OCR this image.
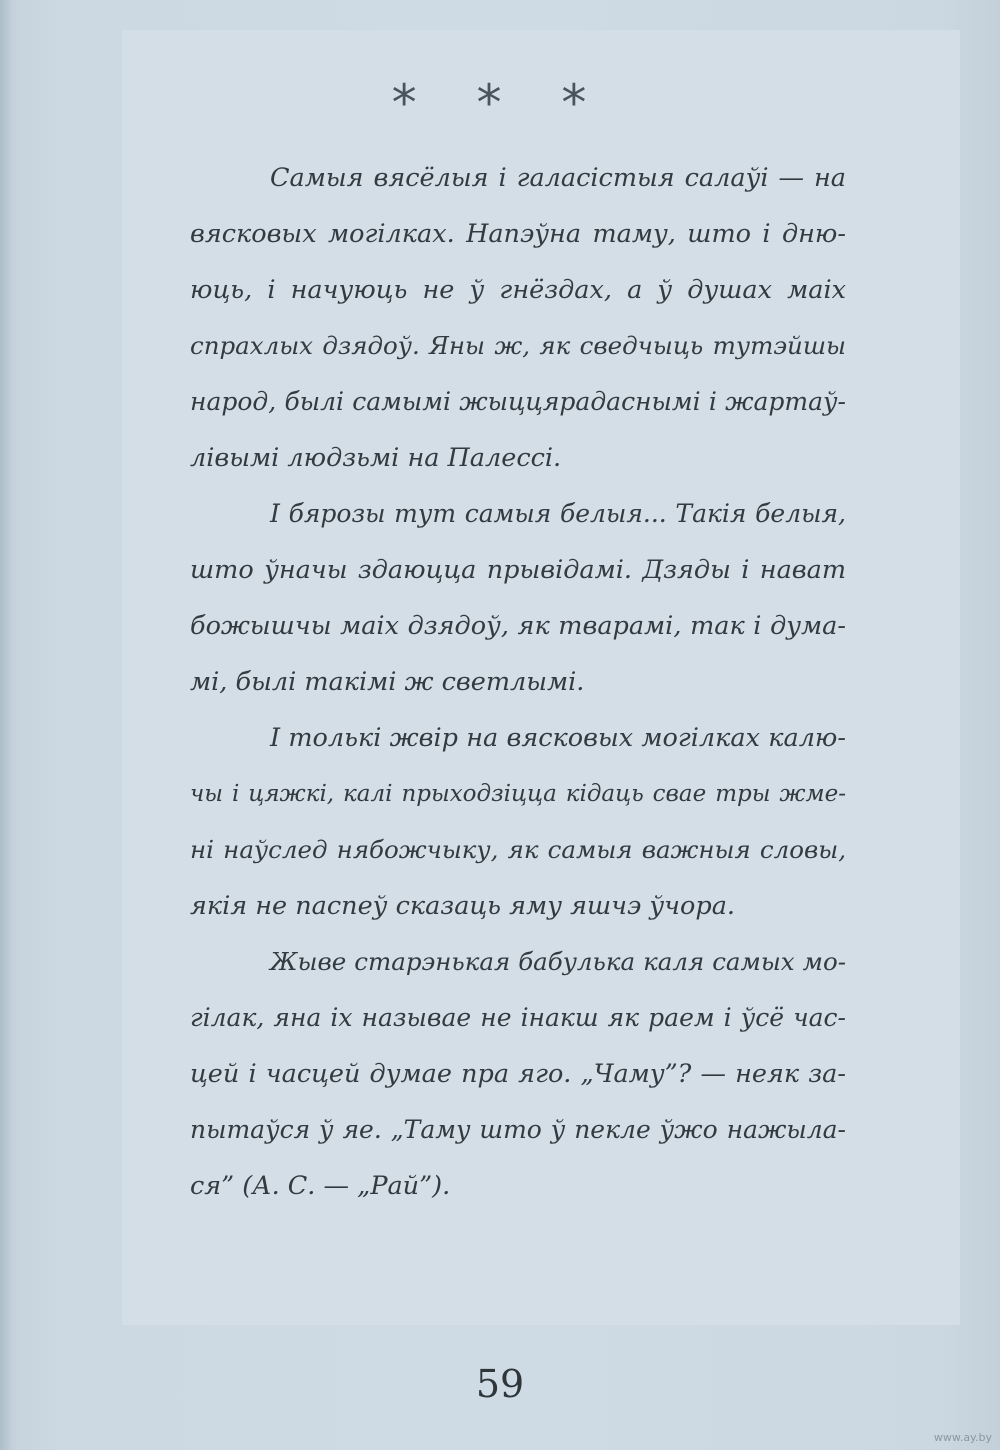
* * *
Самыя вясёлыя і галасістыя салаўі — на
вясковых могілках. Напэўна таму, што і дню-
юць, і начуюць не ў гнёздах, а ў душах маіх
спрахлых дзядоў. Яны ж, як сведчыць тутэйшы
народ, былі самымі жыццярадаснымі і жартаў-
лівымі людзьмі на Палессі.
І бярозы тут самыя белыя... Такія белыя,
што ўначы здаюцца прывідамі. Дзяды і нават
божышчы маіх дзядоў, як тварамі, так і дума-
мі, былі такімі ж светлымі.
І толькі жвір на вясковых могілках калю-
чы і цяжкі, калі прыходзіцца кідаць свае тры жме-
ні наўслед нябожчыку, як самыя важныя словы,
якія не паспеў сказаць яму яшчэ ўчора.
Жыве старэнькая бабулька каля самых мо-
гілак, яна іх называе не інакш як раем і ўсё час-
цей і часцей думае пра яго. „Чаму”? — неяк за-
пытаўся ў яе. „Таму што ў пекле ўжо нажыла-
ся” (А. С. — „Рай”).
59
www.ay.by
